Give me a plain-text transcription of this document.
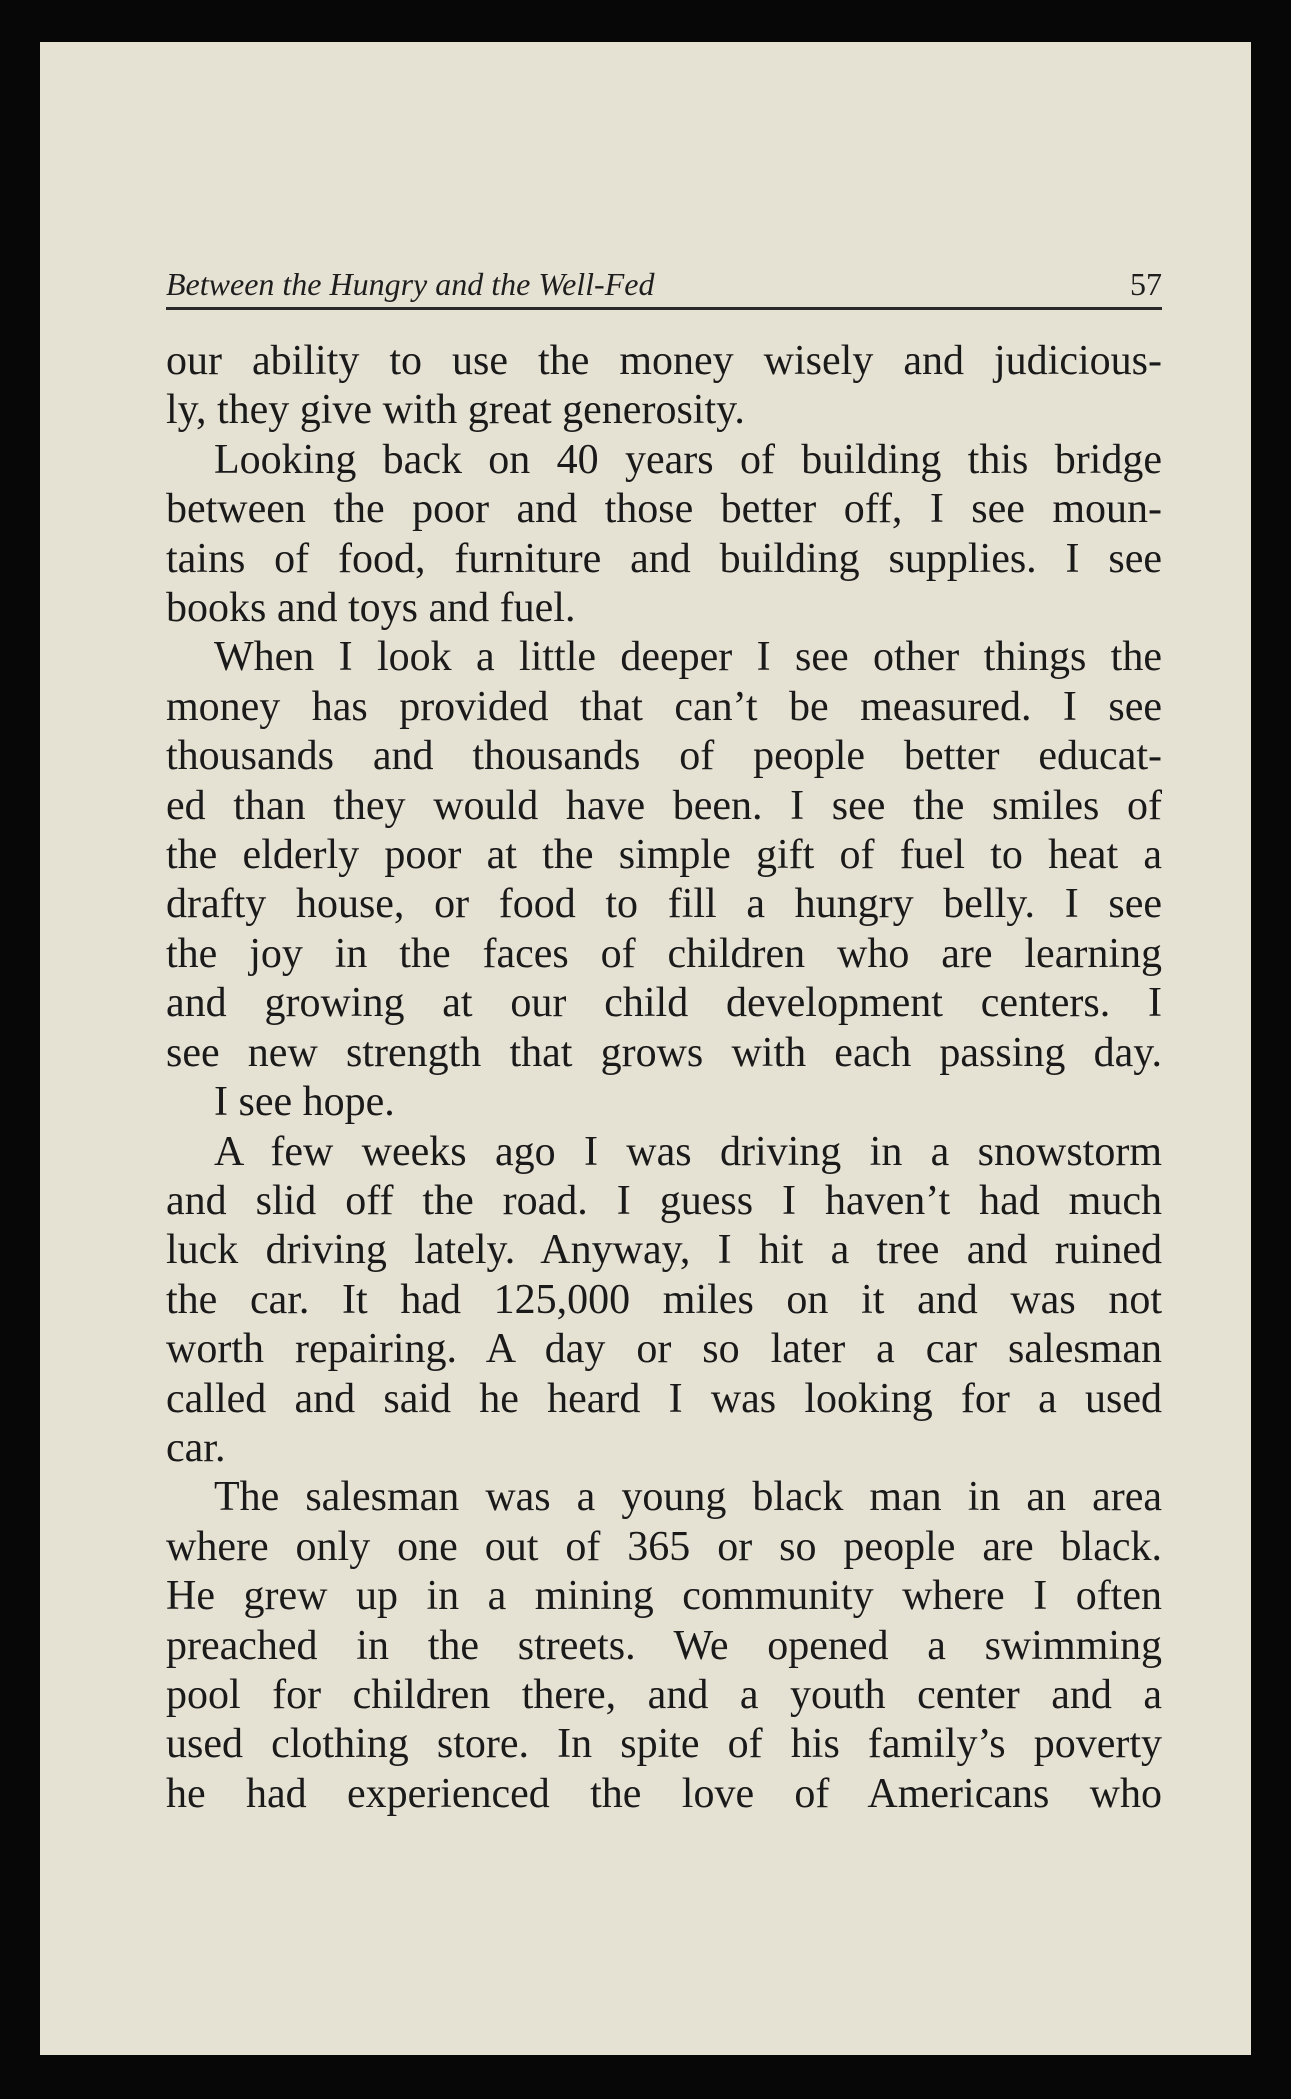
Between the Hungry and the Well-Fed	57
our ability to use the money wisely and judicious-
ly, they give with great generosity.
Looking back on 40 years of building this bridge
between the poor and those better off, I see moun-
tains of food, furniture and building supplies. I see
books and toys and fuel.
When I look a little deeper I see other things the
money has provided that can’t be measured. I see
thousands and thousands of people better educat-
ed than they would have been. I see the smiles of
the elderly poor at the simple gift of fuel to heat a
drafty house, or food to fill a hungry belly. I see
the joy in the faces of children who are learning
and growing at our child development centers. I
see new strength that grows with each passing day.
I see hope.
A few weeks ago I was driving in a snowstorm
and slid off the road. I guess I haven’t had much
luck driving lately. Anyway, I hit a tree and ruined
the car. It had 125,000 miles on it and was not
worth repairing. A day or so later a car salesman
called and said he heard I was looking for a used
car.
The salesman was a young black man in an area
where only one out of 365 or so people are black.
He grew up in a mining community where I often
preached in the streets. We opened a swimming
pool for children there, and a youth center and a
used clothing store. In spite of his family’s poverty
he had experienced the love of Americans who
